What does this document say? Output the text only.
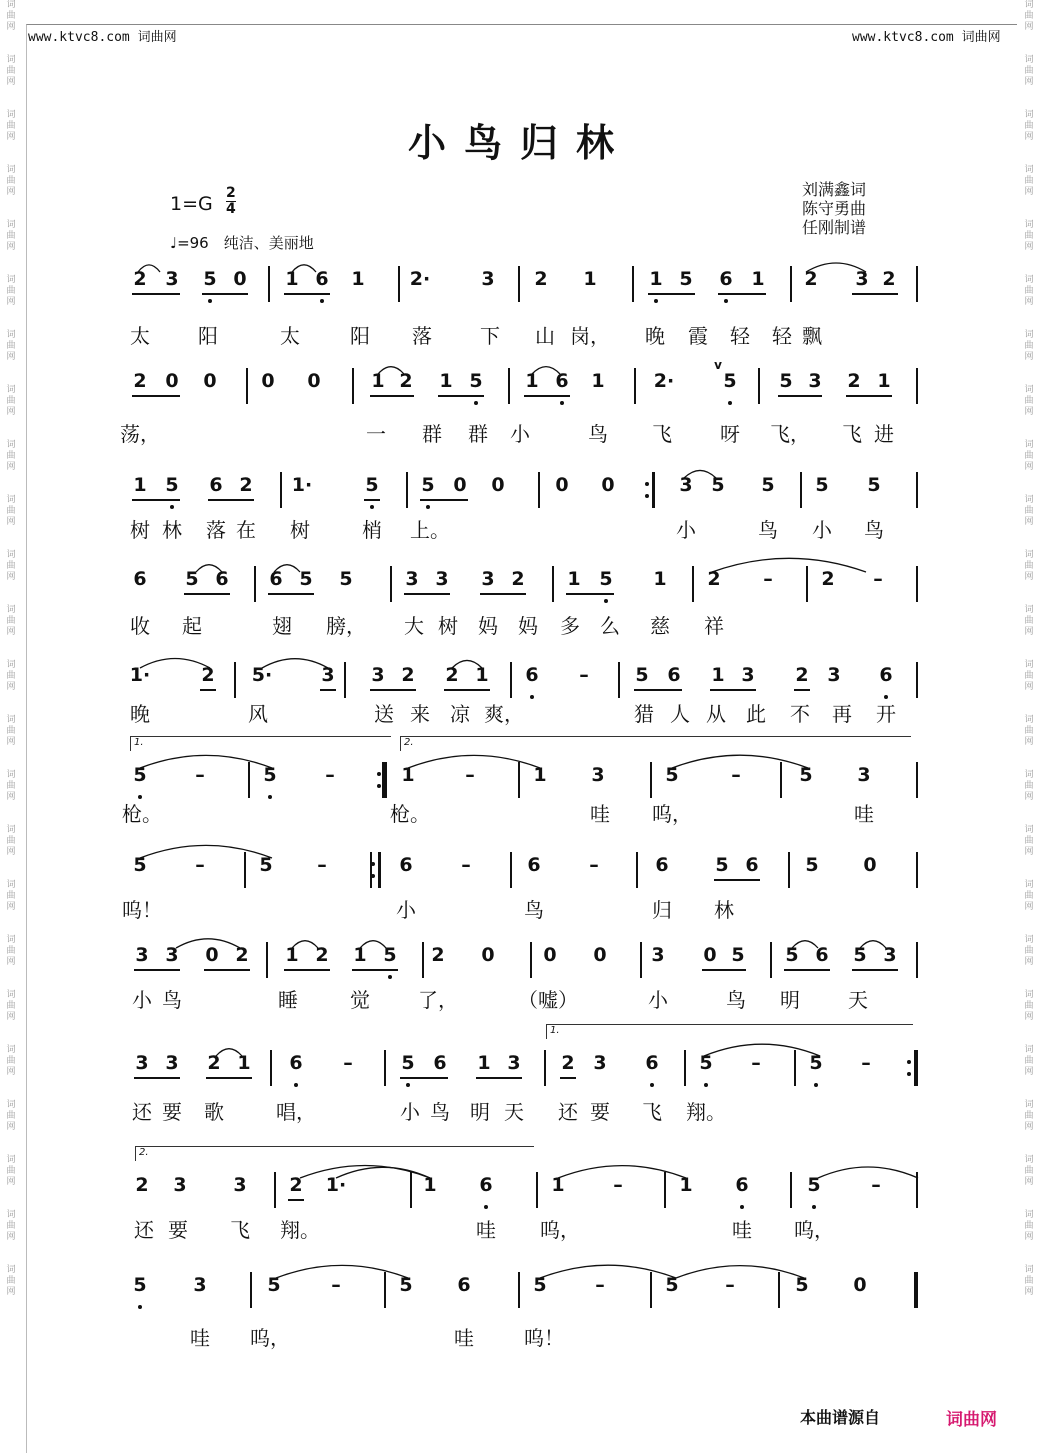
词
曲
网

词
曲
网

词
曲
网

词
曲
网

词
曲
网

词
曲
网

词
曲
网

词
曲
网

词
曲
网

词
曲
网

词
曲
网

词
曲
网

词
曲
网

词
曲
网

词
曲
网

词
曲
网

词
曲
网

词
曲
网

词
曲
网

词
曲
网

词
曲
网

词
曲
网

词
曲
网

词
曲
网

词
曲
网

词
曲
网

词
曲
网

词
曲
网

词
曲
网

词
曲
网

词
曲
网

词
曲
网

词
曲
网

词
曲
网

词
曲
网

词
曲
网

词
曲
网

词
曲
网

词
曲
网

词
曲
网

词
曲
网

词
曲
网

词
曲
网

词
曲
网

词
曲
网

词
曲
网

词
曲
网

词
曲
网

www.ktvc8.com 词曲网	www.ktvc8.com 词曲网
小鸟归林
$1=G \frac{2}{4}$
♩=96　纯洁、美丽地
刘满鑫词
陈守勇曲
任刚制谱
2 3 5 0 1 6 1 2·	3 2 1	1 5 6 1 2 3 2
太 阳	太	阳 落 下 山 岗， 晚 霞 轻 轻 飘
2 0 0 0 0	1 2 1 5 1 6 1	2·	5 5 3 2 1
荡，	一 群 群 小	鸟 飞 呀 飞， 飞 进
1 5 6 2 1·	5 5 0 0	0 0	3 5 5 5 5
树 林 落 在 树	梢 上。	小	鸟 小 鸟
6 5 6 6 5 5	3 3 3 2 1 5 1 2 –	2 –
收 起	翅 膀， 大 树 妈 妈 多 么 慈 祥
1·	2 5·	3 3 2 2 1 6 – 5 6 1 3 2 3 6
晚	风	送 来 凉 爽，	猎 人 从 此 不 再 开
5	–	5	–	1	–	1 3	5	–	5 3
枪。	枪。	哇 呜，	哇
1.	2.
5	–	5 –	6	–	6	–	6 5 6 5 0
呜！	小	鸟	归 林
3 3 0 2 1 2 1 5 2 0	0 0 3 0 5 5 6 5 3
小 鸟	睡	觉 了，	（嘘）	小	鸟 明 天
3 3 2 1 6 –	5 6 1 3 2 3 6 5 –	5 –
还 要 歌	唱，	小 鸟 明 天 还 要 飞 翔。
1.
2 3 3 2 1·	1 6	1	–	1 6	5	–
还 要 飞 翔。	哇 呜，	哇 呜，
2.
5 3	5	–	5 6	5	–	5 –	5 0
哇 呜，	哇	呜！
v
本曲谱源自	词曲网
